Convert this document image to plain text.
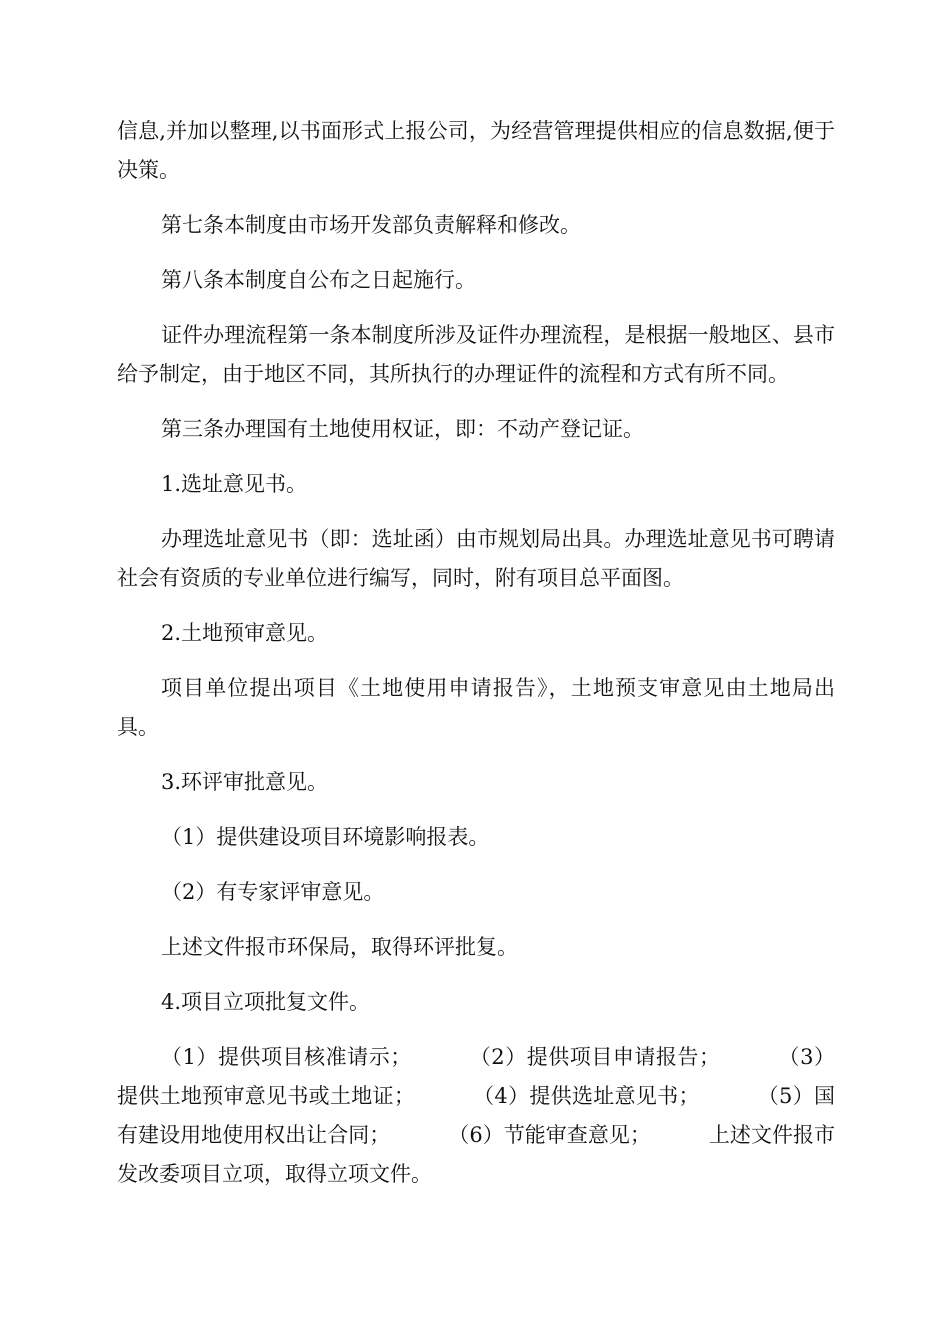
信息,并加以整理,以书面形式上报公司，为经营管理提供相应的信息数据,便于决策。

第七条本制度由市场开发部负责解释和修改。

第八条本制度自公布之日起施行。

证件办理流程第一条本制度所涉及证件办理流程，是根据一般地区、县市给予制定，由于地区不同，其所执行的办理证件的流程和方式有所不同。

第三条办理国有土地使用权证，即：不动产登记证。

1.选址意见书。

办理选址意见书（即：选址函）由市规划局出具。办理选址意见书可聘请社会有资质的专业单位进行编写，同时，附有项目总平面图。

2.土地预审意见。

项目单位提出项目《土地使用申请报告》，土地预支审意见由土地局出具。

3.环评审批意见。

（1）提供建设项目环境影响报表。

（2）有专家评审意见。

上述文件报市环保局，取得环评批复。

4.项目立项批复文件。

（1）提供项目核准请示；	（2）提供项目申请报告；	（3）提供土地预审意见书或土地证；	（4）提供选址意见书；	（5）国有建设用地使用权出让合同；	（6）节能审查意见；	上述文件报市发改委项目立项，取得立项文件。
